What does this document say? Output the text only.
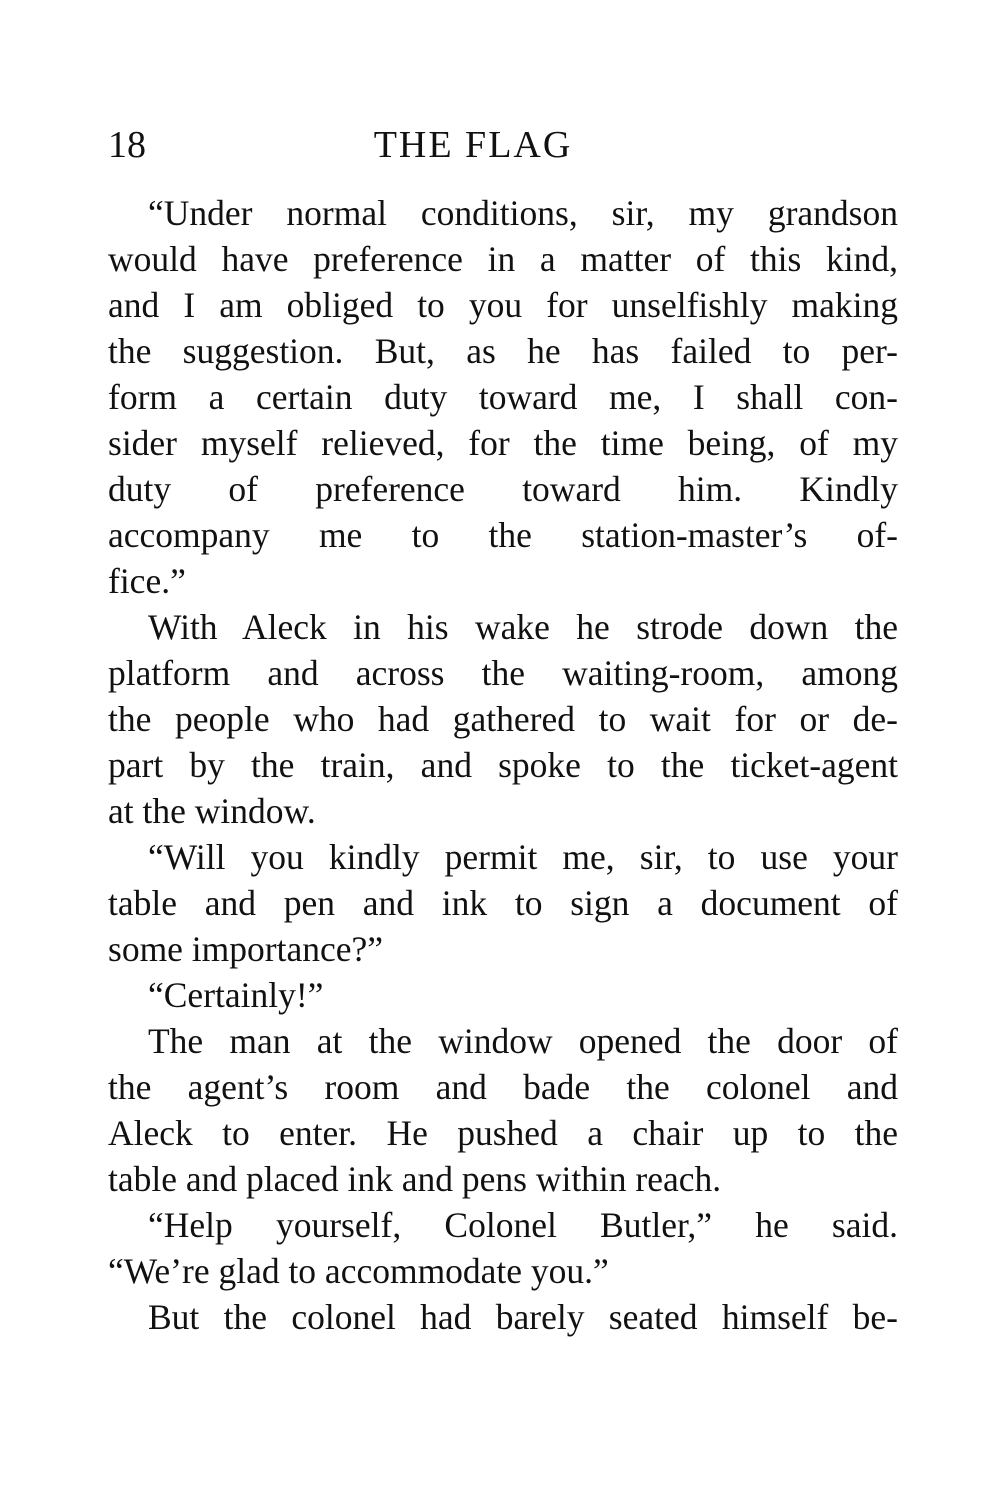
18	THE FLAG
“Under normal conditions, sir, my grandson
would have preference in a matter of this kind,
and I am obliged to you for unselfishly making
the suggestion. But, as he has failed to per-
form a certain duty toward me, I shall con-
sider myself relieved, for the time being, of my
duty of preference toward him. Kindly
accompany me to the station-master’s of-
fice.”
With Aleck in his wake he strode down the
platform and across the waiting-room, among
the people who had gathered to wait for or de-
part by the train, and spoke to the ticket-agent
at the window.
“Will you kindly permit me, sir, to use your
table and pen and ink to sign a document of
some importance?”
“Certainly!”
The man at the window opened the door of
the agent’s room and bade the colonel and
Aleck to enter. He pushed a chair up to the
table and placed ink and pens within reach.
“Help yourself, Colonel Butler,” he said.
“We’re glad to accommodate you.”
But the colonel had barely seated himself be-
